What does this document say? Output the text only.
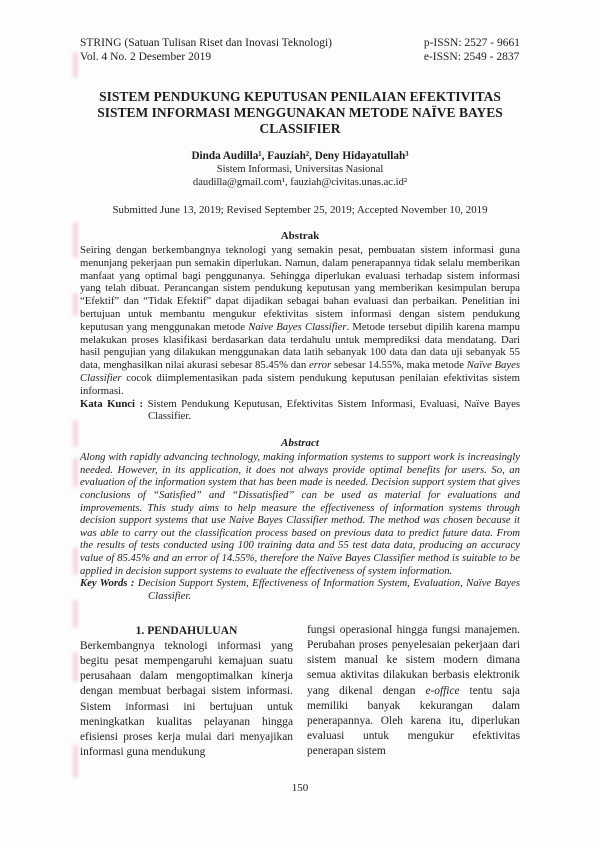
STRING (Satuan Tulisan Riset dan Inovasi Teknologi)
Vol. 4 No. 2 Desember 2019
p-ISSN: 2527 - 9661
e-ISSN: 2549 - 2837
SISTEM PENDUKUNG KEPUTUSAN PENILAIAN EFEKTIVITAS SISTEM INFORMASI MENGGUNAKAN METODE NAÏVE BAYES CLASSIFIER
Dinda Audilla¹, Fauziah², Deny Hidayatullah³
Sistem Informasi, Universitas Nasional
daudilla@gmail.com¹, fauziah@civitas.unas.ac.id²
Submitted June 13, 2019; Revised September 25, 2019; Accepted November 10, 2019
Abstrak
Seiring dengan berkembangnya teknologi yang semakin pesat, pembuatan sistem informasi guna menunjang pekerjaan pun semakin diperlukan. Namun, dalam penerapannya tidak selalu memberikan manfaat yang optimal bagi penggunanya. Sehingga diperlukan evaluasi terhadap sistem informasi yang telah dibuat. Perancangan sistem pendukung keputusan yang memberikan kesimpulan berupa “Efektif” dan “Tidak Efektif” dapat dijadikan sebagai bahan evaluasi dan perbaikan. Penelitian ini bertujuan untuk membantu mengukur efektivitas sistem informasi dengan sistem pendukung keputusan yang menggunakan metode Naive Bayes Classifier. Metode tersebut dipilih karena mampu melakukan proses klasifikasi berdasarkan data terdahulu untuk memprediksi data mendatang. Dari hasil pengujian yang dilakukan menggunakan data latih sebanyak 100 data dan data uji sebanyak 55 data, menghasilkan nilai akurasi sebesar 85.45% dan error sebesar 14.55%, maka metode Naïve Bayes Classifier cocok diimplementasikan pada sistem pendukung keputusan penilaian efektivitas sistem informasi.
Kata Kunci : Sistem Pendukung Keputusan, Efektivitas Sistem Informasi, Evaluasi, Naïve Bayes Classifier.
Abstract
Along with rapidly advancing technology, making information systems to support work is increasingly needed. However, in its application, it does not always provide optimal benefits for users. So, an evaluation of the information system that has been made is needed. Decision support system that gives conclusions of “Satisfied” and “Dissatisfied” can be used as material for evaluations and improvements. This study aims to help measure the effectiveness of information systems through decision support systems that use Naive Bayes Classifier method. The method was chosen because it was able to carry out the classification process based on previous data to predict future data. From the results of tests conducted using 100 training data and 55 test data data, producing an accuracy value of 85.45% and an error of 14.55%, therefore the Naïve Bayes Classifier method is suitable to be applied in decision support systems to evaluate the effectiveness of system information.
Key Words : Decision Support System, Effectiveness of Information System, Evaluation, Naïve Bayes Classifier.
1. PENDAHULUAN

Berkembangnya teknologi informasi yang begitu pesat mempengaruhi kemajuan suatu perusahaan dalam mengoptimalkan kinerja dengan membuat berbagai sistem informasi. Sistem informasi ini bertujuan untuk meningkatkan kualitas pelayanan hingga efisiensi proses kerja mulai dari menyajikan informasi guna mendukung

fungsi operasional hingga fungsi manajemen. Perubahan proses penyelesaian pekerjaan dari sistem manual ke sistem modern dimana semua aktivitas dilakukan berbasis elektronik yang dikenal dengan e-office tentu saja memiliki banyak kekurangan dalam penerapannya. Oleh karena itu, diperlukan evaluasi untuk mengukur efektivitas penerapan sistem

150
